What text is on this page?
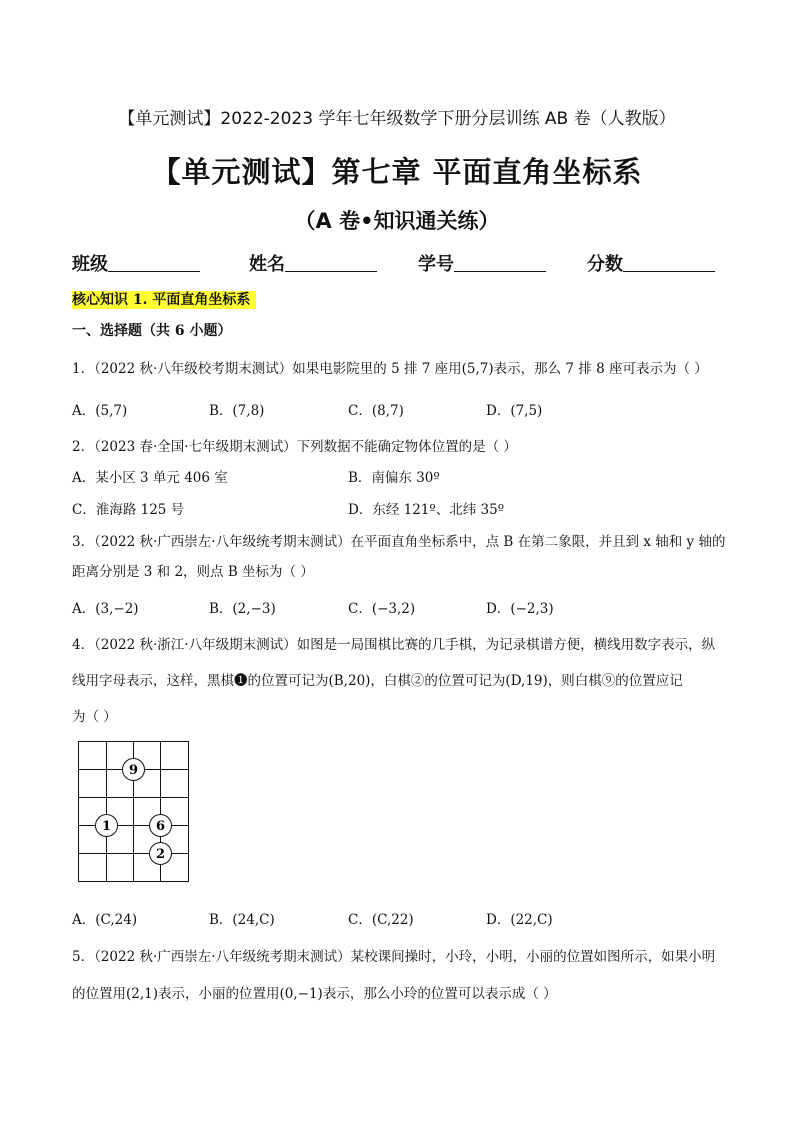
【单元测试】2022-2023 学年七年级数学下册分层训练 AB 卷（人教版）
【单元测试】第七章 平面直角坐标系
（A 卷•知识通关练）
班级	姓名	学号	分数
核心知识 1. 平面直角坐标系
一、选择题（共 6 小题）
1．（2022 秋·八年级校考期末测试）如果电影院里的 5 排 7 座用(5,7)表示，那么 7 排 8 座可表示为（ ）
A．(5,7)	B．(7,8)	C．(8,7)	D．(7,5)
2．（2023 春·全国·七年级期末测试）下列数据不能确定物体位置的是（ ）
A．某小区 3 单元 406 室	B．南偏东 30º
C．淮海路 125 号	D．东经 121º、北纬 35º
3．（2022 秋·广西崇左·八年级统考期末测试）在平面直角坐标系中，点 B 在第二象限，并且到 x 轴和 y 轴的
距离分别是 3 和 2，则点 B 坐标为（ ）
A．(3,−2)	B．(2,−3)	C．(−3,2)	D．(−2,3)
4．（2022 秋·浙江·八年级期末测试）如图是一局围棋比赛的几手棋，为记录棋谱方便，横线用数字表示，纵
线用字母表示，这样，黑棋❶的位置可记为(B,20)，白棋②的位置可记为(D,19)，则白棋⑨的位置应记
为（ ）
9
1	6
2
A．(C,24)	B．(24,C)	C．(C,22)	D．(22,C)
5．（2022 秋·广西崇左·八年级统考期末测试）某校课间操时，小玲，小明，小丽的位置如图所示，如果小明
的位置用(2,1)表示，小丽的位置用(0,−1)表示，那么小玲的位置可以表示成（ ）
